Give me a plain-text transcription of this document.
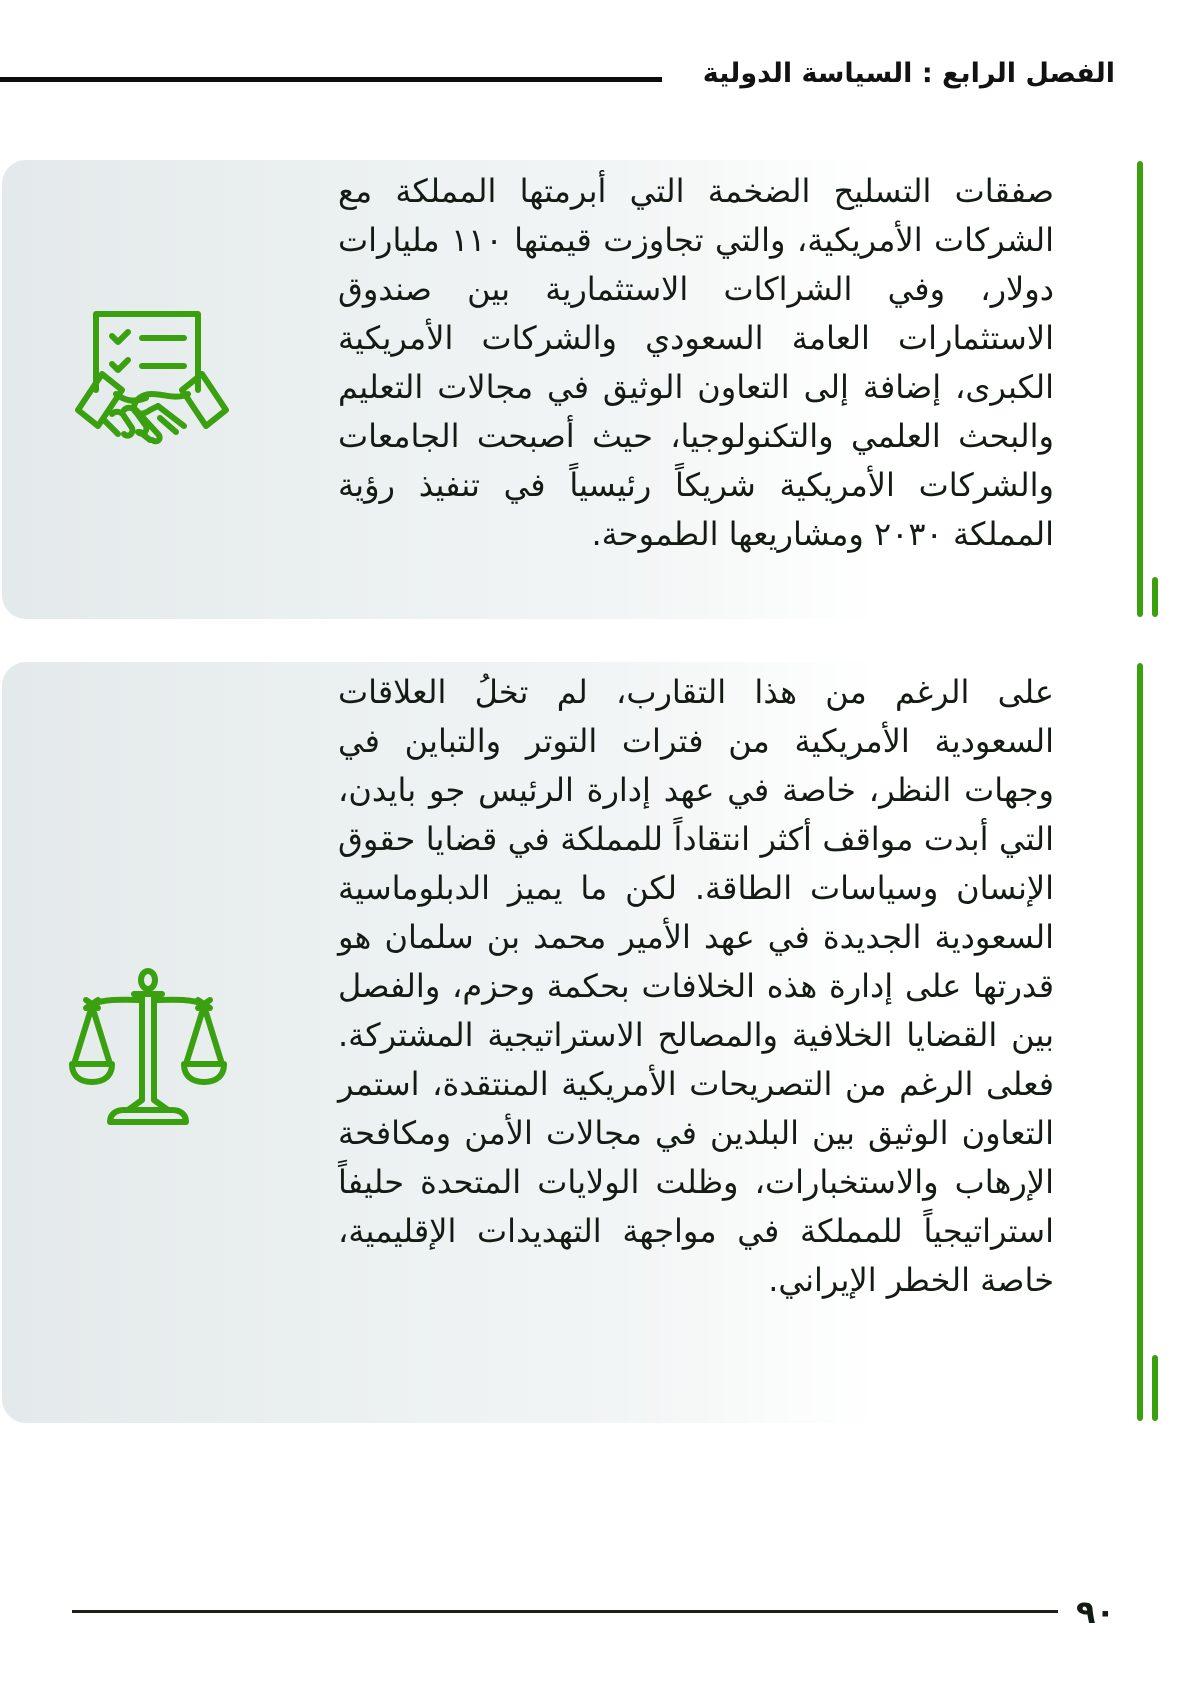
الفصل الرابع : السياسة الدولية
صفقات التسليح الضخمة التي أبرمتها المملكة مع الشركات الأمريكية، والتي تجاوزت قيمتها ١١٠ مليارات دولار، وفي الشراكات الاستثمارية بين صندوق الاستثمارات العامة السعودي والشركات الأمريكية الكبرى، إضافة إلى التعاون الوثيق في مجالات التعليم والبحث العلمي والتكنولوجيا، حيث أصبحت الجامعات والشركات الأمريكية شريكاً رئيسياً في تنفيذ رؤية المملكة ٢٠٣٠ ومشاريعها الطموحة.
على الرغم من هذا التقارب، لم تخلُ العلاقات السعودية الأمريكية من فترات التوتر والتباين في وجهات النظر، خاصة في عهد إدارة الرئيس جو بايدن، التي أبدت مواقف أكثر انتقاداً للمملكة في قضايا حقوق الإنسان وسياسات الطاقة. لكن ما يميز الدبلوماسية السعودية الجديدة في عهد الأمير محمد بن سلمان هو قدرتها على إدارة هذه الخلافات بحكمة وحزم، والفصل بين القضايا الخلافية والمصالح الاستراتيجية المشتركة. فعلى الرغم من التصريحات الأمريكية المنتقدة، استمر التعاون الوثيق بين البلدين في مجالات الأمن ومكافحة الإرهاب والاستخبارات، وظلت الولايات المتحدة حليفاً استراتيجياً للمملكة في مواجهة التهديدات الإقليمية، خاصة الخطر الإيراني.
٩٠
